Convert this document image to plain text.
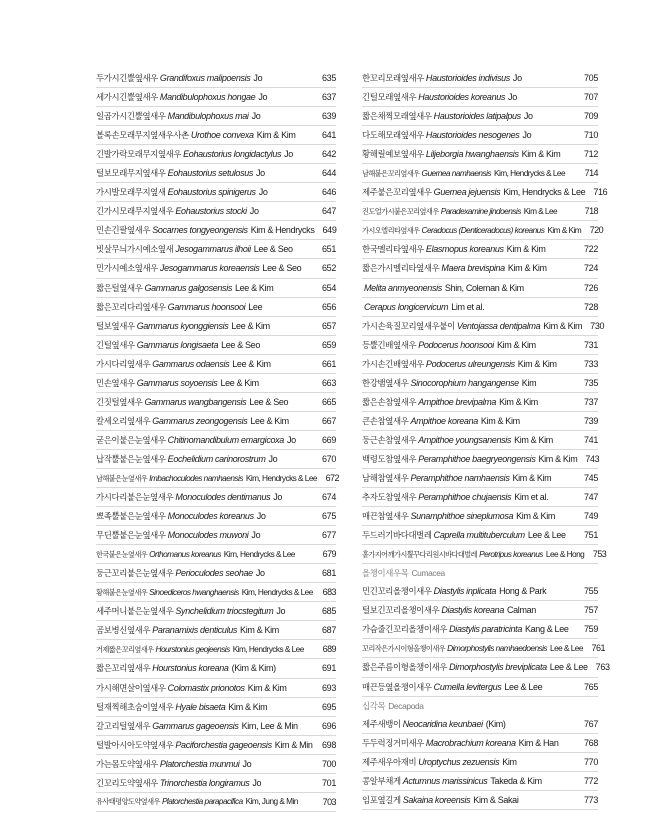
두가시긴뿔옆새우 Grandifoxus malipoensis Jo	635
세가시긴뿔옆새우 Mandibulophoxus hongae Jo	637
일곱가시긴뿔옆새우 Mandibulophoxus mai Jo	639
볼록손모래무지옆새우사촌 Urothoe convexa Kim & Kim	641
긴발가락모래무지옆새우 Eohaustorius longidactylus Jo	642
털보모래무지옆새우 Eohaustorius setulosus Jo	644
가시발모래무지옆새 Eohaustorius spinigerus Jo	646
긴가시모래무지옆새우 Eohaustorius stocki Jo	647
민손긴팔옆새우 Socarnes tongyeongensis Kim & Hendrycks 649
빗살무늬가시예소옆새 Jesogammarus ilhoii Lee & Seo	651
민가시예소옆새우 Jesogammarus koreaensis Lee & Seo	652
짧은털옆새우 Gammarus galgosensis Lee & Kim	654
짧은꼬리다리옆새우 Gammarus hoonsooi Lee	656
털보옆새우 Gammarus kyonggiensis Lee & Kim	657
긴털옆새우 Gammarus longisaeta Lee & Seo	659
가시다리옆새우 Gammarus odaensis Lee & Kim	661
민손옆새우 Gammarus soyoensis Lee & Kim	663
긴짓털옆새우 Gammarus wangbangensis Lee & Seo	665
칼세오리옆새우 Gammarus zeongogensis Lee & Kim	667
굳은이붙은눈옆새우 Chitinomandibulum emargicoxa Jo	669
납작뿔붙은눈옆새우 Eochelidium carinorostrum Jo	670
남해붙은눈옆새우 Imbachoculodes namhaensis Kim, Hendrycks & Lee 672
가시다리붙은눈옆새우 Monoculodes dentimanus Jo	674
뾰족뿔붙은눈옆새우 Monoculodes koreanus Jo	675
무딘뿔붙은눈옆새우 Monoculodes muwoni Jo	677
한국붙은눈옆새우 Orthomanus koreanus Kim, Hendrycks & Lee	679
둥근꼬리붙은눈옆새우 Perioculodes seohae Jo	681
황해붙은눈옆새우 Sinoediceros hwanghaensis Kim, Hendrycks & Lee	683
세주머니붙은눈옆새우 Synchelidium triocstegitum Jo	685
곰보병신옆새우 Paranamixis denticulus Kim & Kim	687
거제짧은꼬리옆새우 Hourstonius geojeensis Kim, Hendrycks & Lee	689
짧은꼬리옆새우 Hourstonius koreana (Kim & Kim)	691
가시해면살이옆새우 Colomastix prionotos Kim & Kim	693
털재찍해초숨이옆새우 Hyale bisaeta Kim & Kim	695
갈고리털옆새우 Gammarus gageoensis Kim, Lee & Min	696
털발아시아도약옆새우 Paciforchestia gageoensis Kim & Min	698
가는몸도약옆새우 Platorchestia munmui Jo	700
긴꼬리도약옆새우 Trinorchestia longiramus Jo	701
유사태평양도약옆새우 Platorchestia parapacifica Kim, Jung & Min	703
한꼬리모래옆새우 Haustorioides indivisus Jo	705
긴털모래옆새우 Haustorioides koreanus Jo	707
짧은채찍모래옆새우 Haustorioides latipalpus Jo	709
다도해모래옆새우 Haustorioides nesogenes Jo	710
황해릴예보옆새우 Liljeborgia hwanghaensis Kim & Kim	712
남해붙은꼬리옆새우 Guernea namhaensis Kim, Hendrycks & Lee	714
제주붙은꼬리옆새우 Guernea jejuensis Kim, Hendrycks & Lee 716
진도얼가시붙은꼬리옆새우 Paradexamine jindoensis Kim & Lee	718
가시오엘리타옆새우 Ceradocus (Denticeradocus) koreanus Kim & Kim 720
한국멜리타옆새우 Elasmopus koreanus Kim & Kim	722
짧은가시멜리타옆새우 Maera brevispina Kim & Kim	724
Melita anmyeonensis Shin, Coleman & Kim	726
Cerapus longicervicum Lim et al.	728
가시손육질꼬리옆새우붙이 Ventojassa dentipalma Kim & Kim 730
등뿔긴배옆새우 Podocerus hoonsooi Kim & Kim	731
가시손긴배옆새우 Podocerus ulreungensis Kim & Kim	733
한강뱀옆새우 Sinocorophium hangangense Kim	735
짧은손참옆새우 Ampithoe brevipalma Kim & Kim	737
큰손참옆새우 Ampithoe koreana Kim & Kim	739
둥근손참옆새우 Ampithoe youngsanensis Kim & Kim	741
백령도참옆새우 Peramphithoe baegryeongensis Kim & Kim 743
남해참옆새우 Peramphithoe namhaensis Kim & Kim	745
추자도참옆새우 Peramphithoe chujaensis Kim et al.	747
매끈참옆새우 Sunamphithoe sineplumosa Kim & Kim	749
두드러기바다대벌레 Caprella multituberculum Lee & Lee	751
홑가지어깨가시뿔꾸다리원시바다대벌레 Perotripus koreanus Lee & Hong 753
올챙이새우목 Cumacea
민긴꼬리올챙이새우 Diastylis inplicata Hong & Park	755
털보긴꼬리올챙이새우 Diastylis koreana Calman	757
가슴줄긴꼬리올챙이새우 Diastylis paratricinta Kang & Lee	759
꼬리작은가시이형올챙이새우 Dimorphostylis namhaedoensis Lee & Lee 761
짧은주름이형올챙이새우 Dimorphostylis breviplicata Lee & Lee 763
매끈등옆올챙이새우 Cumella levitergus Lee & Lee	765
십각목 Decapoda
제주새뱅이 Neocaridina keunbaei (Kim)	767
두두럭징거미새우 Macrobrachium koreana Kim & Han	768
제주새우아재비 Uroptychus zezuensis Kim	770
콩알부채게 Actumnus marissinicus Takeda & Kim	772
임포옆길게 Sakaina koreensis Kim & Sakai	773
